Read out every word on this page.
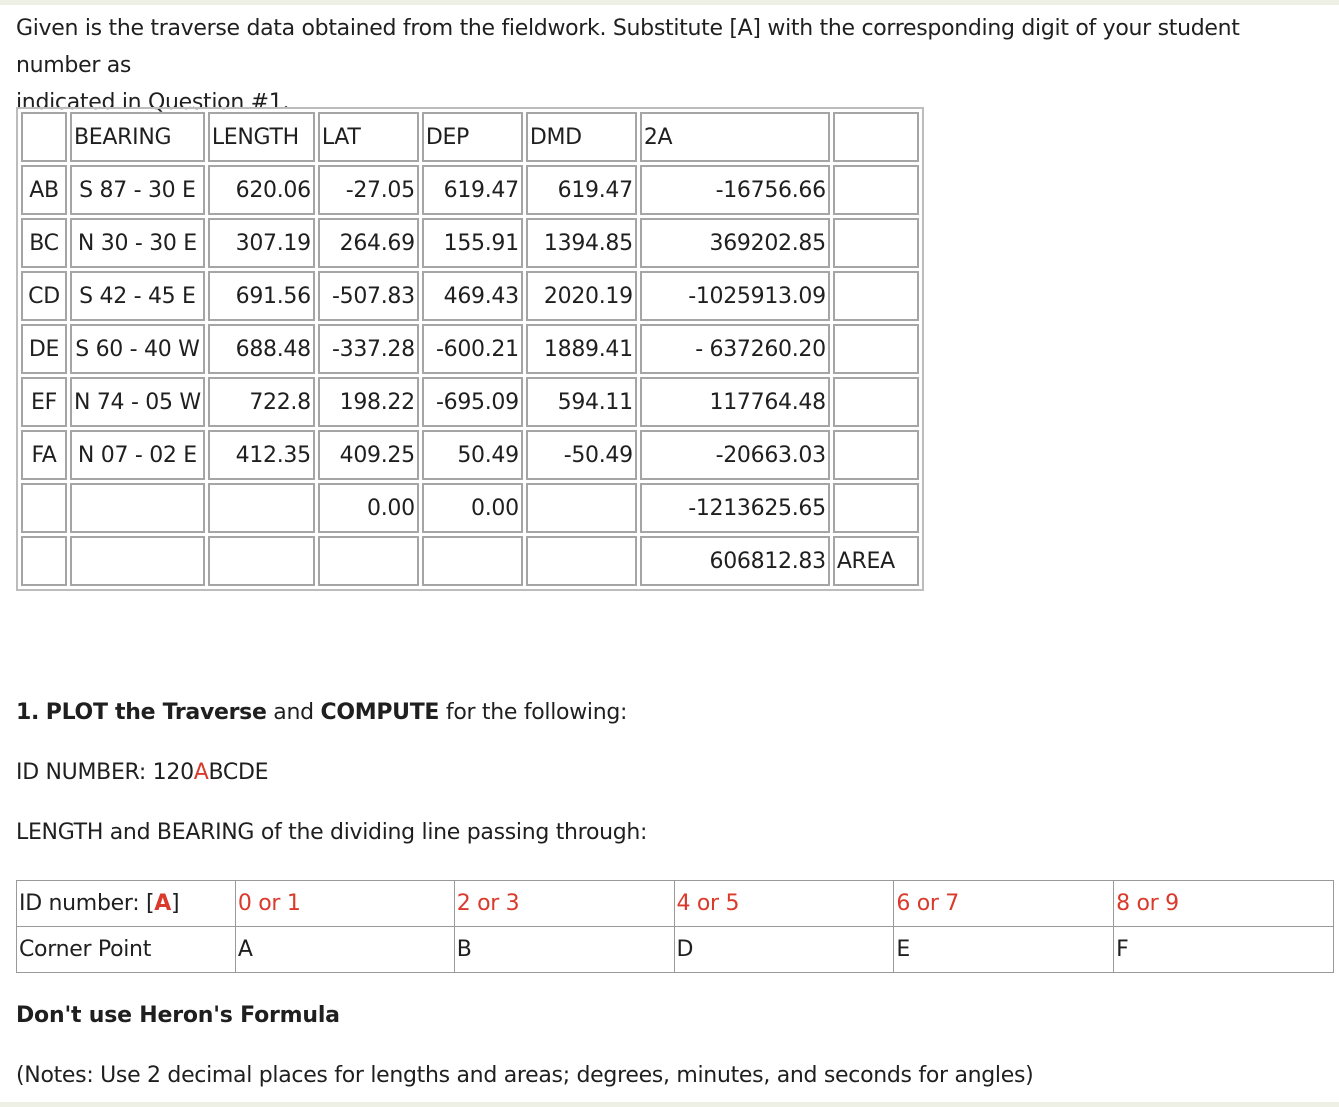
Given is the traverse data obtained from the fieldwork. Substitute [A] with the corresponding digit of your student number as
indicated in Question #1.

	BEARING	LENGTH	LAT	DEP	DMD	2A	
AB	S 87 - 30 E	620.06	-27.05	619.47	619.47	-16756.66	
BC	N 30 - 30 E	307.19	264.69	155.91	1394.85	369202.85	
CD	S 42 - 45 E	691.56	-507.83	469.43	2020.19	-1025913.09	
DE	S 60 - 40 W	688.48	-337.28	-600.21	1889.41	- 637260.20	
EF	N 74 - 05 W	722.8	198.22	-695.09	594.11	117764.48	
FA	N 07 - 02 E	412.35	409.25	50.49	-50.49	-20663.03	
			0.00	0.00		-1213625.65	
						606812.83	AREA

1. PLOT the Traverse and COMPUTE for the following:

ID NUMBER: 120ABCDE

LENGTH and BEARING of the dividing line passing through:

ID number: [A]	0 or 1	2 or 3	4 or 5	6 or 7	8 or 9
Corner Point	A	B	D	E	F

Don't use Heron's Formula

(Notes: Use 2 decimal places for lengths and areas; degrees, minutes, and seconds for angles)
